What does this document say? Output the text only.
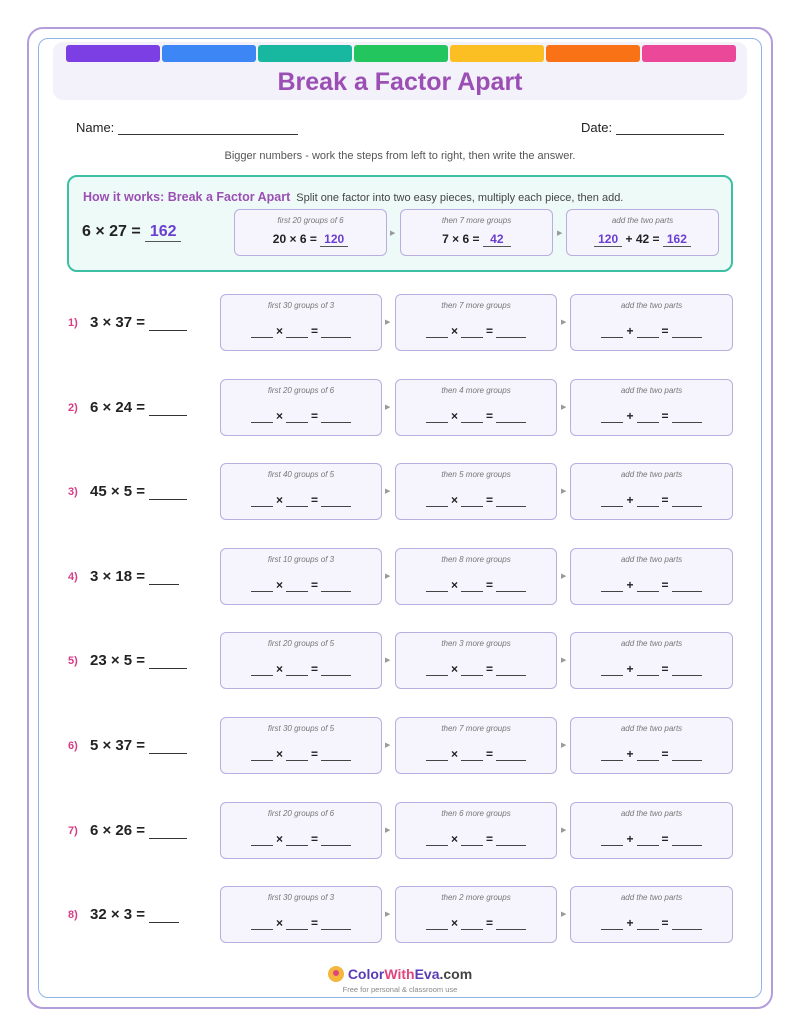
Break a Factor Apart
Name:	Date:
Bigger numbers - work the steps from left to right, then write the answer.
How it works: Break a Factor Apart Split one factor into two easy pieces, multiply each piece, then add.
6 × 27 = 162
first 20 groups of 6
20 × 6 = 120	▶
then 7 more groups
7 × 6 = 42	▶
add the two parts
120 + 42 = 162
1) 3 × 37 =
first 30 groups of 3
× =
▶
then 7 more groups
× =
▶
add the two parts
+ =
2) 6 × 24 =
first 20 groups of 6
× =
▶
then 4 more groups
× =
▶
add the two parts
+ =
3) 45 × 5 =
first 40 groups of 5
× =
▶
then 5 more groups
× =
▶
add the two parts
+ =
4) 3 × 18 =
first 10 groups of 3
× =
▶
then 8 more groups
× =
▶
add the two parts
+ =
5) 23 × 5 =
first 20 groups of 5
× =
▶
then 3 more groups
× =
▶
add the two parts
+ =
6) 5 × 37 =
first 30 groups of 5
× =
▶
then 7 more groups
× =
▶
add the two parts
+ =
7) 6 × 26 =
first 20 groups of 6
× =
▶
then 6 more groups
× =
▶
add the two parts
+ =
8) 32 × 3 =
first 30 groups of 3
× =
▶
then 2 more groups
× =
▶
add the two parts
+ =
ColorWithEva.com
Free for personal & classroom use
